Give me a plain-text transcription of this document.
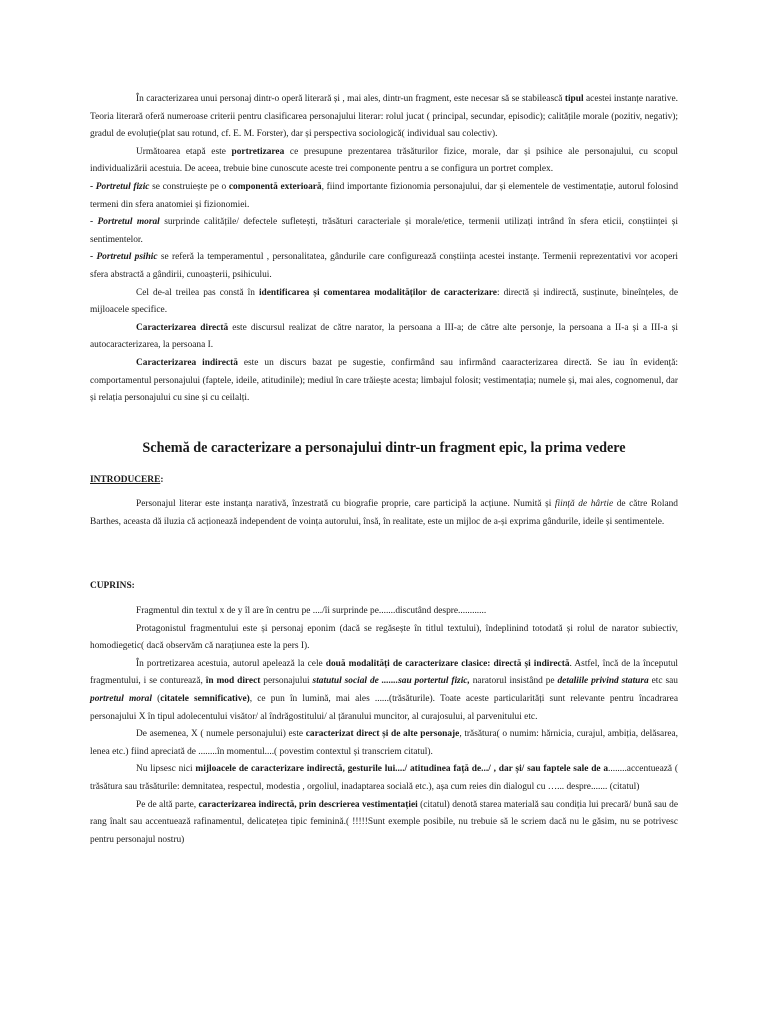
În caracterizarea unui personaj dintr-o operă literară și , mai ales, dintr-un fragment, este necesar să se stabilească tipul acestei instanțe narative. Teoria literară oferă numeroase criterii pentru clasificarea personajului literar: rolul jucat ( principal, secundar, episodic); calitățile morale (pozitiv, negativ); gradul de evoluție(plat sau rotund, cf. E. M. Forster), dar și perspectiva sociologică( individual sau colectiv).

Următoarea etapă este portretizarea ce presupune prezentarea trăsăturilor fizice, morale, dar și psihice ale personajului, cu scopul individualizării acestuia. De aceea, trebuie bine cunoscute aceste trei componente pentru a se configura un portret complex.

- Portretul fizic se construiește pe o componentă exterioară, fiind importante fizionomia personajului, dar și elementele de vestimentație, autorul folosind termeni din sfera anatomiei și fizionomiei.

- Portretul moral surprinde calitățile/ defectele sufletești, trăsături caracteriale și morale/etice, termenii utilizați intrând în sfera eticii, conștiinței și sentimentelor.

- Portretul psihic se referă la temperamentul , personalitatea, gândurile care configurează conștiința acestei instanțe. Termenii reprezentativi vor acoperi sfera abstractă a gândirii, cunoașterii, psihicului.

Cel de-al treilea pas constă în identificarea și comentarea modalităților de caracterizare: directă și indirectă, susținute, bineînțeles, de mijloacele specifice.

Caracterizarea directă este discursul realizat de către narator, la persoana a III-a; de către alte personje, la persoana a II-a și a III-a și autocaracterizarea, la persoana I.

Caracterizarea indirectă este un discurs bazat pe sugestie, confirmând sau infirmând caaracterizarea directă. Se iau în evidență: comportamentul personajului (faptele, ideile, atitudinile); mediul în care trăiește acesta; limbajul folosit; vestimentația; numele și, mai ales, cognomenul, dar și relația personajului cu sine și cu ceilalți.

Schemă de caracterizare a personajului dintr-un fragment epic, la prima vedere

INTRODUCERE:

Personajul literar este instanța narativă, înzestrată cu biografie proprie, care participă la acțiune. Numită și ființă de hârtie de către Roland Barthes, aceasta dă iluzia că acționează independent de voința autorului, însă, în realitate, este un mijloc de a-și exprima gândurile, ideile și sentimentele.

CUPRINS:

Fragmentul din textul x de y îl are în centru pe ..../îi surprinde pe.......discutând despre............

Protagonistul fragmentului este și personaj eponim (dacă se regăsește în titlul textului), îndeplinind totodată și rolul de narator subiectiv, homodiegetic( dacă observăm că narațiunea este la pers I).

În portretizarea acestuia, autorul apelează la cele două modalități de caracterizare clasice: directă și indirectă. Astfel, încă de la începutul fragmentului, i se conturează, în mod direct personajului statutul social de .......sau portertul fizic, naratorul insistând pe detaliile privind statura etc sau portretul moral (citatele semnificative), ce pun în lumină, mai ales ......(trăsăturile). Toate aceste particularități sunt relevante pentru încadrarea personajului X în tipul adolecentului visător/ al îndrăgostitului/ al țăranului muncitor, al curajosului, al parvenitului etc.

De asemenea, X ( numele personajului) este caracterizat direct și de alte personaje, trăsătura( o numim: hărnicia, curajul, ambiția, delăsarea, lenea etc.) fiind apreciată de ........în momentul....( povestim contextul și transcriem citatul).

Nu lipsesc nici mijloacele de caracterizare indirectă, gesturile lui..../ atitudinea față de.../ , dar și/ sau faptele sale de a........accentuează ( trăsătura sau trăsăturile: demnitatea, respectul, modestia , orgoliul, inadaptarea socială etc.), așa cum reies din dialogul cu …... despre....... (citatul)

Pe de altă parte, caracterizarea indirectă, prin descrierea vestimentației (citatul) denotă starea materială sau condiția lui precară/ bună sau de rang înalt sau accentuează rafinamentul, delicatețea tipic feminină.( !!!!!Sunt exemple posibile, nu trebuie să le scriem dacă nu le găsim, nu se potrivesc pentru personajul nostru)
